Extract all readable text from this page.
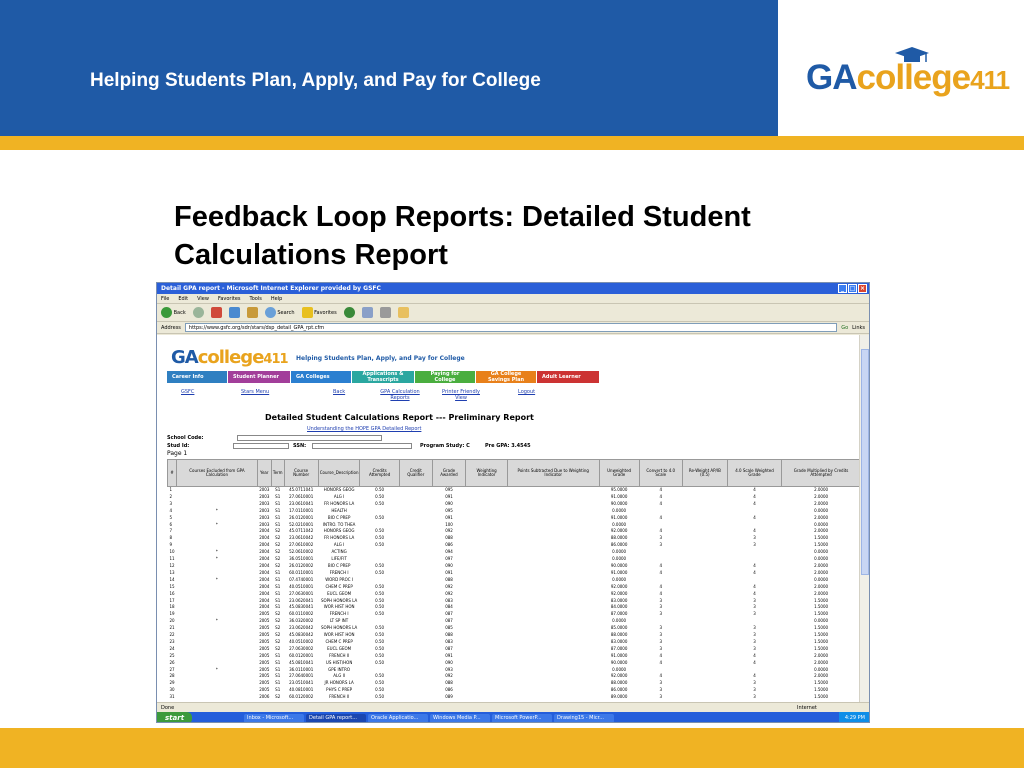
Helping Students Plan, Apply, and Pay for College	GAcollege411
Feedback Loop Reports: Detailed Student
Calculations Report
Detail GPA report - Microsoft Internet Explorer provided by GSFC	_ □ ×
File Edit View Favorites Tools Help
Back	Search	Favorites
Address	https://www.gsfc.org/sdr/stars/dsp_detail_GPA_rpt.cfm	Go Links
GAcollege411 Helping Students Plan, Apply, and Pay for College
Career Info	Student Planner	GA Colleges	Applications & Transcripts
Paying for College
GA College Savings Plan	Adult Learner
GSFC	Stars Menu	Back	GPA Calculation Reports
Printer Friendly View
Logout
Detailed Student Calculations Report --- Preliminary Report
Understanding the HOPE GPA Detailed Report
School Code:
Stud Id:	SSN:	Program Study: C	Pre GPA: 3.4545
Page 1
#	Courses Excluded from GPA Calculation	Year	Term	Course Number	Course_Description	Credits Attempted	Credit Qualifier	Grade Awarded	Weighting Indicator	Points Subtracted Due to Weighting Indicator	Unweighted Grade	Convert to 4.0 Scale	Re-Weight AP/IB (0.5)	4.0 Scale Weighted Grade	Grade Multiplied by Credits Attempted
1		2003	S1	45.0711041	HONORS GEOG	0.50		095			95.0000	4		4	2.0000
2		2003	S1	27.0610001	ALG I	0.50		091			91.0000	4		4	2.0000
3		2003	S1	23.0610041	FR HONORS LA	0.50		090			90.0000	4		4	2.0000
4	*	2003	S1	17.0110001	HEALTH			095			0.0000				0.0000
5		2003	S1	26.0120001	BIO C PREP	0.50		091			91.0000	4		4	2.0000
6	*	2003	S1	52.0210001	INTRO. TO THEA			100			0.0000				0.0000
7		2004	S2	45.0711042	HONORS GEOG	0.50		092			92.0000	4		4	2.0000
8		2004	S2	23.0610042	FR HONORS LA	0.50		088			88.0000	3		3	1.5000
9		2004	S2	27.0610002	ALG I	0.50		086			86.0000	3		3	1.5000
10	*	2004	S2	52.0610002	ACTING			094			0.0000				0.0000
11	*	2004	S2	36.0510001	LIFE/FIT			097			0.0000				0.0000
12		2004	S2	26.0120002	BIO C PREP	0.50		090			90.0000	4		4	2.0000
13		2004	S1	60.0110001	FRENCH I	0.50		091			91.0000	4		4	2.0000
14	*	2004	S1	07.4740001	WORD PROC I			088			0.0000				0.0000
15		2004	S1	40.0510001	CHEM C PREP	0.50		092			92.0000	4		4	2.0000
16		2004	S1	27.0630001	EUCL GEOM	0.50		092			92.0000	4		4	2.0000
17		2004	S1	23.0620041	SOPH HONORS LA	0.50		083			83.0000	3		3	1.5000
18		2004	S1	45.0830041	WOR HIST HON	0.50		084			84.0000	3		3	1.5000
19		2005	S2	60.0110002	FRENCH I	0.50		087			87.0000	3		3	1.5000
20	*	2005	S2	36.0320002	LT SP INT			087			0.0000				0.0000
21		2005	S2	23.0620042	SOPH HONORS LA	0.50		085			85.0000	3		3	1.5000
22		2005	S2	45.0830042	WOR HIST HON	0.50		088			88.0000	3		3	1.5000
23		2005	S2	40.0510002	CHEM C PREP	0.50		083			83.0000	3		3	1.5000
24		2005	S2	27.0630002	EUCL GEOM	0.50		087			87.0000	3		3	1.5000
25		2005	S1	60.0120001	FRENCH II	0.50		091			91.0000	4		4	2.0000
26		2005	S1	45.0810041	US HIST/HON	0.50		090			90.0000	4		4	2.0000
27	*	2005	S1	36.0110001	GPE INTRO			093			0.0000				0.0000
28		2005	S1	27.0640001	ALG II	0.50		092			92.0000	4		4	2.0000
29		2005	S1	23.0510041	JR HONORS LA	0.50		088			88.0000	3		3	1.5000
30		2005	S1	40.0810001	PHYS C PREP	0.50		086			86.0000	3		3	1.5000
31		2006	S2	60.0120002	FRENCH II	0.50		089			89.0000	3		3	1.5000
Done	Internet
start	Inbox - Microsoft...	Detail GPA report...	Oracle Applicatio...	Windows Media P...	Microsoft PowerP...	Drawing15 - Micr...	4:29 PM
